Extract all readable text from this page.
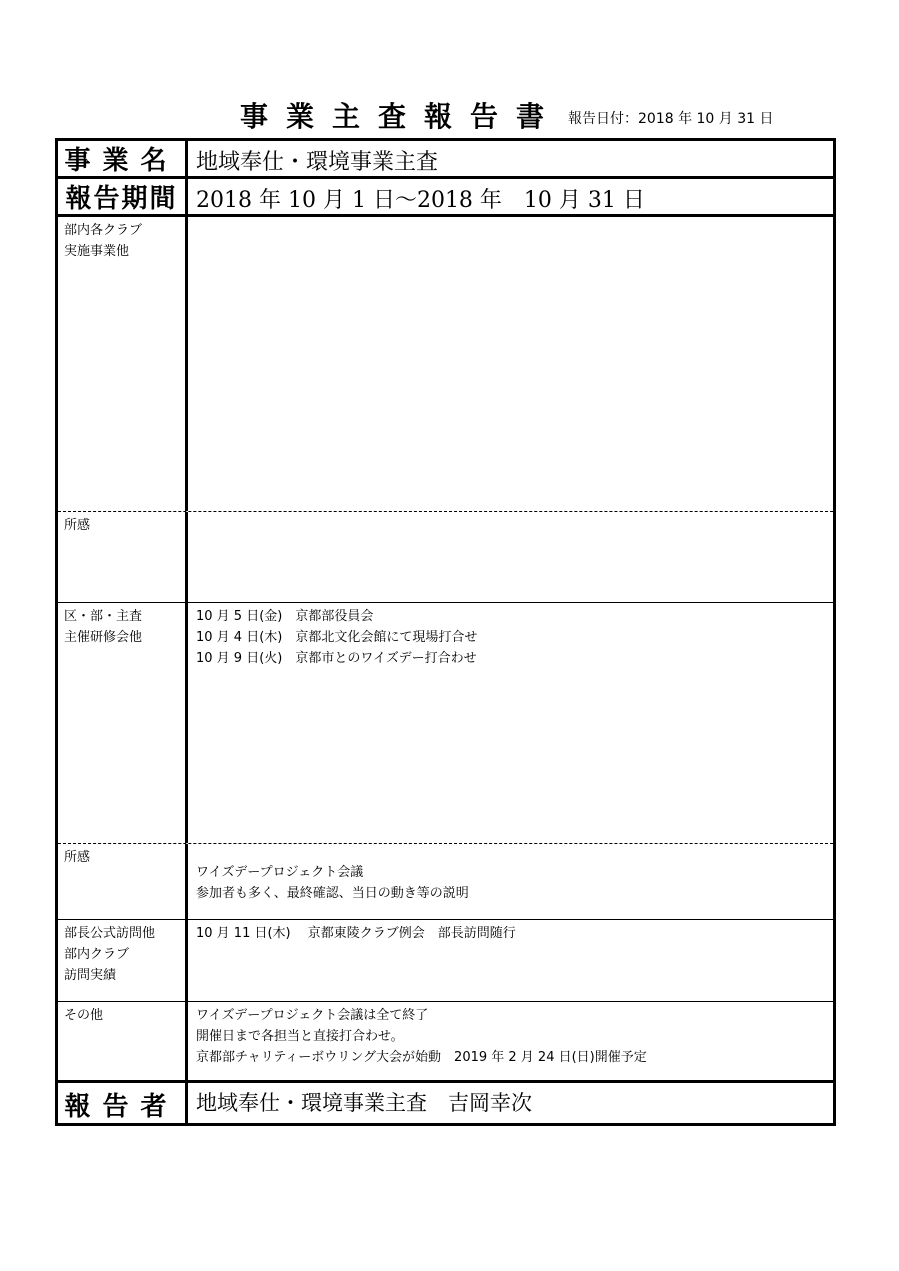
事業主査報告書 報告日付：2018 年 10 月 31 日
事業名 地域奉仕・環境事業主査
報告期間 2018 年 10 月 1 日〜2018 年　10 月 31 日
部内各クラブ
実施事業他
所感
区・部・主査
主催研修会他
10 月 5 日(金)　京都部役員会
10 月 4 日(木)　京都北文化会館にて現場打合せ
10 月 9 日(火)　京都市とのワイズデー打合わせ
所感
ワイズデープロジェクト会議
参加者も多く、最終確認、当日の動き等の説明
部長公式訪問他
部内クラブ
訪問実績
10 月 11 日(木)　 京都東陵クラブ例会　部長訪問随行
その他	ワイズデープロジェクト会議は全て終了
開催日まで各担当と直接打合わせ。
京都部チャリティーボウリング大会が始動　2019 年 2 月 24 日(日)開催予定
報告者 地域奉仕・環境事業主査　吉岡幸次
